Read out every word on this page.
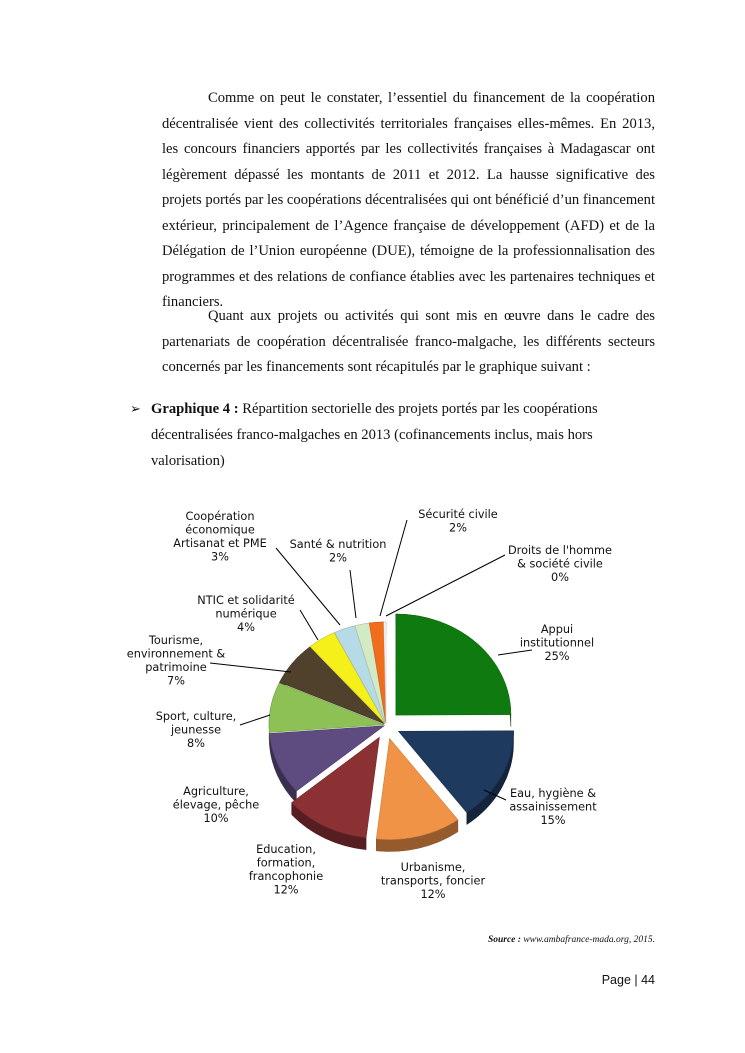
Comme on peut le constater, l’essentiel du financement de la coopération décentralisée vient des collectivités territoriales françaises elles-mêmes. En 2013, les concours financiers apportés par les collectivités françaises à Madagascar ont légèrement dépassé les montants de 2011 et 2012. La hausse significative des projets portés par les coopérations décentralisées qui ont bénéficié d’un financement extérieur, principalement de l’Agence française de développement (AFD) et de la Délégation de l’Union européenne (DUE), témoigne de la professionnalisation des programmes et des relations de confiance établies avec les partenaires techniques et financiers.

Quant aux projets ou activités qui sont mis en œuvre dans le cadre des partenariats de coopération décentralisée franco-malgache, les différents secteurs concernés par les financements sont récapitulés par le graphique suivant :

➢ Graphique 4 : Répartition sectorielle des projets portés par les coopérations décentralisées franco-malgaches en 2013 (cofinancements inclus, mais hors valorisation)
Appui institutionnel 25%
Eau, hygiène & assainissement 15%
Urbanisme, transports, foncier 12%
Education, formation, francophonie 12%
Agriculture, élevage, pêche 10%
Sport, culture, jeunesse 8%
Tourisme, environnement & patrimoine 7%
NTIC et solidarité numérique 4%
Coopération économique Artisanat et PME 3%
Santé & nutrition 2%
Sécurité civile 2%
Droits de l'homme & société civile 0%
Source : www.ambafrance-mada.org, 2015.
Page | 44
